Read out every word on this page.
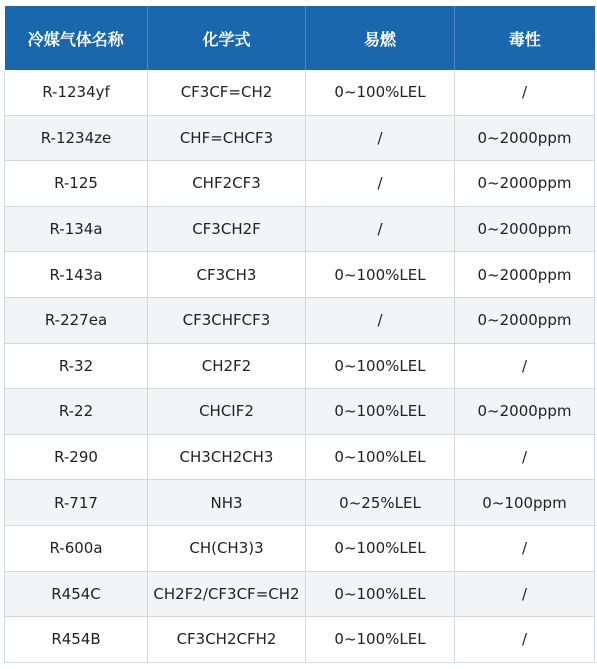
冷媒气体名称	化学式	易燃	毒性
R-1234yf	CF3CF=CH2	0~100%LEL	/
R-1234ze	CHF=CHCF3	/	0~2000ppm
R-125	CHF2CF3	/	0~2000ppm
R-134a	CF3CH2F	/	0~2000ppm
R-143a	CF3CH3	0~100%LEL	0~2000ppm
R-227ea	CF3CHFCF3	/	0~2000ppm
R-32	CH2F2	0~100%LEL	/
R-22	CHCIF2	0~100%LEL	0~2000ppm
R-290	CH3CH2CH3	0~100%LEL	/
R-717	NH3	0~25%LEL	0~100ppm
R-600a	CH(CH3)3	0~100%LEL	/
R454C	CH2F2/CF3CF=CH2	0~100%LEL	/
R454B	CF3CH2CFH2	0~100%LEL	/
